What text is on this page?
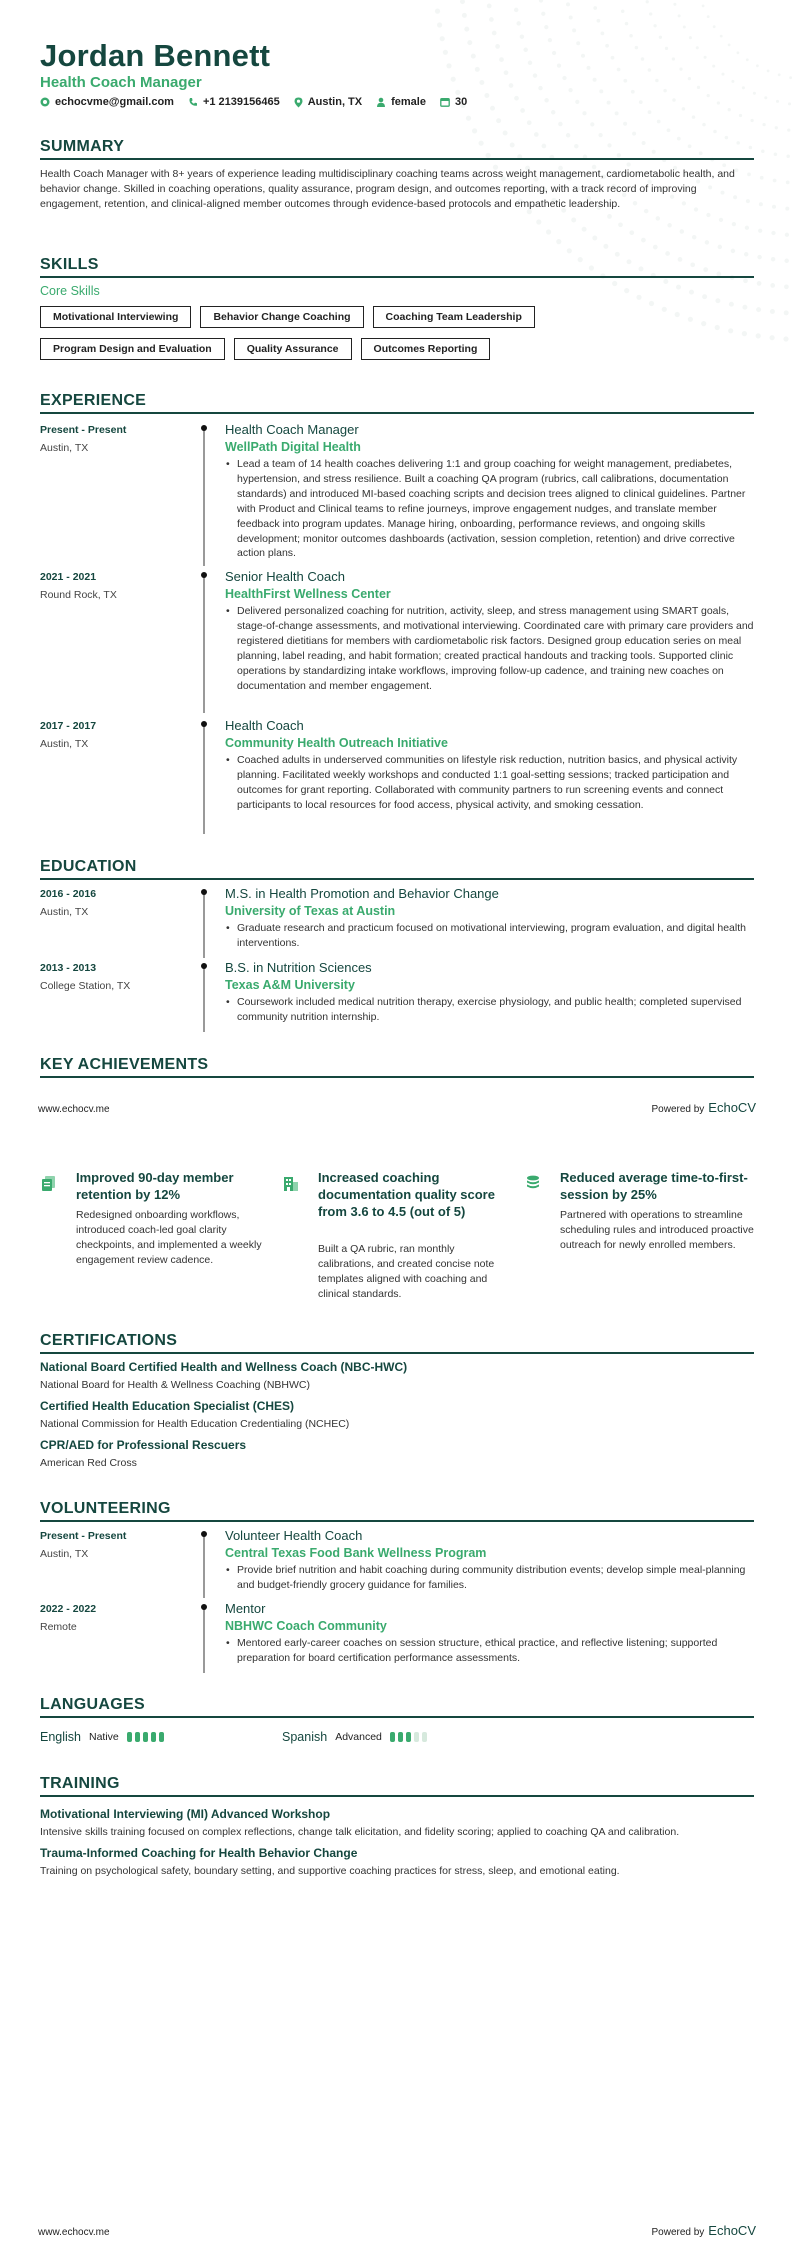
Jordan Bennett
Health Coach Manager
echocvme@gmail.com	+1 2139156465	Austin, TX	female	30
SUMMARY
Health Coach Manager with 8+ years of experience leading multidisciplinary coaching teams across weight management, cardiometabolic health, and behavior change. Skilled in coaching operations, quality assurance, program design, and outcomes reporting, with a track record of improving engagement, retention, and clinical-aligned member outcomes through evidence-based protocols and empathetic leadership.
SKILLS
Core Skills
Motivational Interviewing	Behavior Change Coaching	Coaching Team Leadership
Program Design and Evaluation	Quality Assurance	Outcomes Reporting
EXPERIENCE
Present - Present
Austin, TX
Health Coach Manager
WellPath Digital Health
• Lead a team of 14 health coaches delivering 1:1 and group coaching for weight management, prediabetes, hypertension, and stress resilience. Built a coaching QA program (rubrics, call calibrations, documentation standards) and introduced MI-based coaching scripts and decision trees aligned to clinical guidelines. Partner with Product and Clinical teams to refine journeys, improve engagement nudges, and translate member feedback into program updates. Manage hiring, onboarding, performance reviews, and ongoing skills development; monitor outcomes dashboards (activation, session completion, retention) and drive corrective action plans.
2021 - 2021
Round Rock, TX
Senior Health Coach
HealthFirst Wellness Center
• Delivered personalized coaching for nutrition, activity, sleep, and stress management using SMART goals, stage-of-change assessments, and motivational interviewing. Coordinated care with primary care providers and registered dietitians for members with cardiometabolic risk factors. Designed group education series on meal planning, label reading, and habit formation; created practical handouts and tracking tools. Supported clinic operations by standardizing intake workflows, improving follow-up cadence, and training new coaches on documentation and member engagement.
2017 - 2017
Austin, TX
Health Coach
Community Health Outreach Initiative
• Coached adults in underserved communities on lifestyle risk reduction, nutrition basics, and physical activity planning. Facilitated weekly workshops and conducted 1:1 goal-setting sessions; tracked participation and outcomes for grant reporting. Collaborated with community partners to run screening events and connect participants to local resources for food access, physical activity, and smoking cessation.
EDUCATION
2016 - 2016
Austin, TX
M.S. in Health Promotion and Behavior Change
University of Texas at Austin
• Graduate research and practicum focused on motivational interviewing, program evaluation, and digital health interventions.
2013 - 2013
College Station, TX
B.S. in Nutrition Sciences
Texas A&M University
• Coursework included medical nutrition therapy, exercise physiology, and public health; completed supervised community nutrition internship.
KEY ACHIEVEMENTS
www.echocv.me	Powered by EchoCV
Improved 90-day member retention by 12%
Redesigned onboarding workflows, introduced coach-led goal clarity checkpoints, and implemented a weekly engagement review cadence.
Increased coaching documentation quality score from 3.6 to 4.5 (out of 5)
Built a QA rubric, ran monthly calibrations, and created concise note templates aligned with coaching and clinical standards.
Reduced average time-to-first-session by 25%
Partnered with operations to streamline scheduling rules and introduced proactive outreach for newly enrolled members.
CERTIFICATIONS
National Board Certified Health and Wellness Coach (NBC-HWC)
National Board for Health & Wellness Coaching (NBHWC)
Certified Health Education Specialist (CHES)
National Commission for Health Education Credentialing (NCHEC)
CPR/AED for Professional Rescuers
American Red Cross
VOLUNTEERING
Present - Present
Austin, TX
Volunteer Health Coach
Central Texas Food Bank Wellness Program
• Provide brief nutrition and habit coaching during community distribution events; develop simple meal-planning and budget-friendly grocery guidance for families.
2022 - 2022
Remote
Mentor
NBHWC Coach Community
• Mentored early-career coaches on session structure, ethical practice, and reflective listening; supported preparation for board certification performance assessments.
LANGUAGES
English Native	Spanish Advanced
TRAINING
Motivational Interviewing (MI) Advanced Workshop
Intensive skills training focused on complex reflections, change talk elicitation, and fidelity scoring; applied to coaching QA and calibration.
Trauma-Informed Coaching for Health Behavior Change
Training on psychological safety, boundary setting, and supportive coaching practices for stress, sleep, and emotional eating.
www.echocv.me	Powered by EchoCV
